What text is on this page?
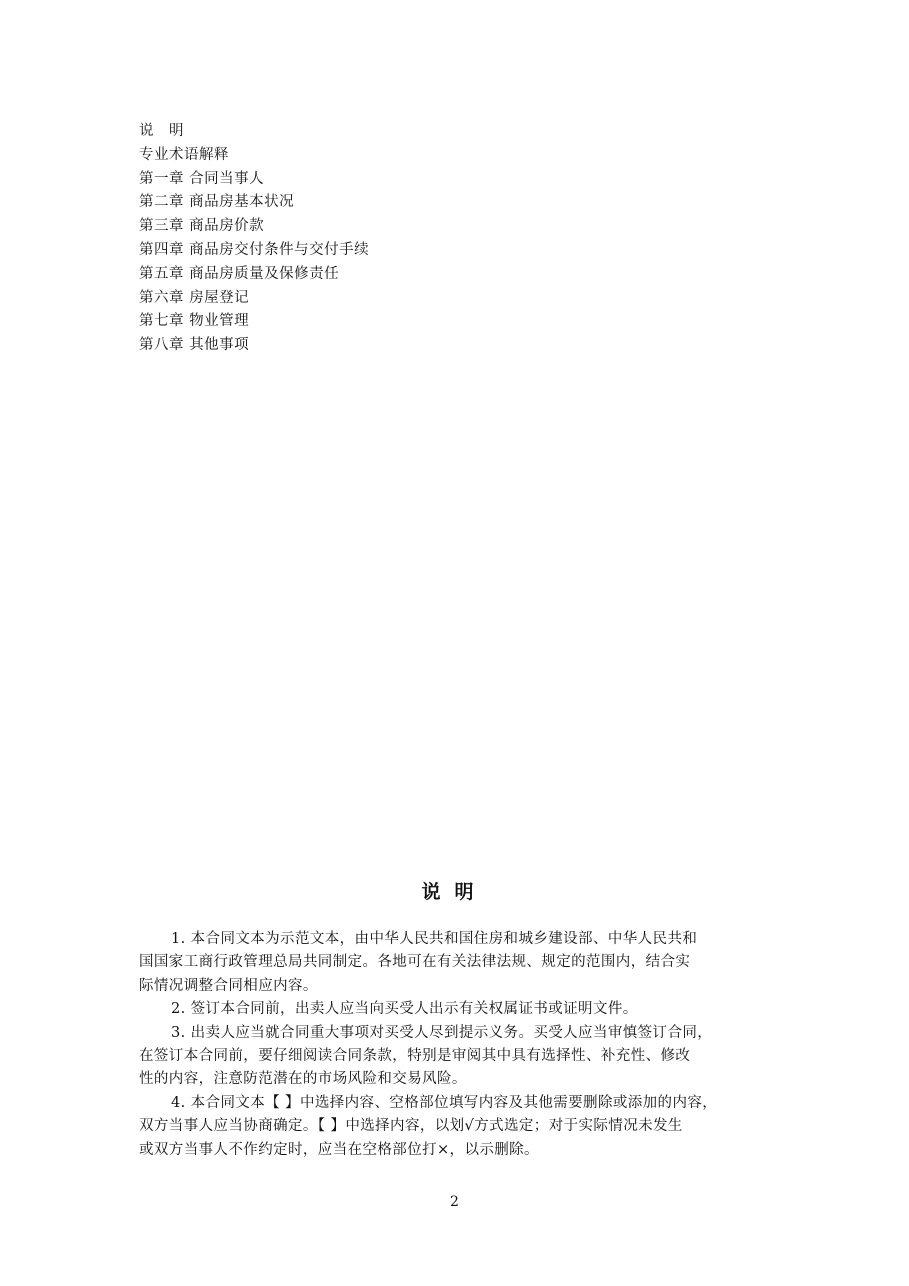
说　明
专业术语解释
第一章 合同当事人
第二章 商品房基本状况
第三章 商品房价款
第四章 商品房交付条件与交付手续
第五章 商品房质量及保修责任
第六章 房屋登记
第七章 物业管理
第八章 其他事项
说明
1. 本合同文本为示范文本，由中华人民共和国住房和城乡建设部、中华人民共和
国国家工商行政管理总局共同制定。各地可在有关法律法规、规定的范围内，结合实
际情况调整合同相应内容。
2. 签订本合同前，出卖人应当向买受人出示有关权属证书或证明文件。
3. 出卖人应当就合同重大事项对买受人尽到提示义务。买受人应当审慎签订合同，
在签订本合同前，要仔细阅读合同条款，特别是审阅其中具有选择性、补充性、修改
性的内容，注意防范潜在的市场风险和交易风险。
4. 本合同文本【 】中选择内容、空格部位填写内容及其他需要删除或添加的内容，
双方当事人应当协商确定。【 】中选择内容，以划√方式选定；对于实际情况未发生
或双方当事人不作约定时，应当在空格部位打×，以示删除。
2
